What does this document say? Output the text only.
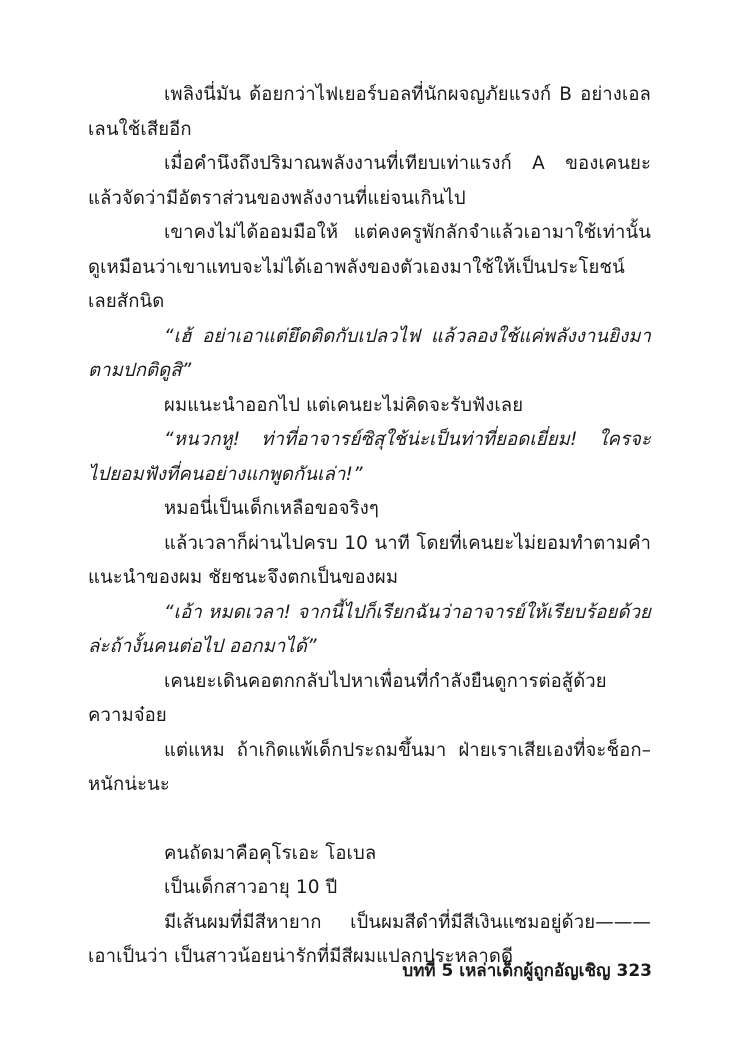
เพลิงนี่มัน ด้อยกว่าไฟเยอร์บอลที่นักผจญภัยแรงก์ B อย่างเอลเลนใช้เสียอีก

เมื่อคำนึงถึงปริมาณพลังงานที่เทียบเท่าแรงก์ A ของเคนยะแล้วจัดว่ามีอัตราส่วนของพลังงานที่แย่จนเกินไป

เขาคงไม่ได้ออมมือให้ แต่คงครูพักลักจำแล้วเอามาใช้เท่านั้นดูเหมือนว่าเขาแทบจะไม่ได้เอาพลังของตัวเองมาใช้ให้เป็นประโยชน์เลยสักนิด

“เฮ้ อย่าเอาแต่ยึดติดกับเปลวไฟ แล้วลองใช้แค่พลังงานยิงมาตามปกติดูสิ”

ผมแนะนำออกไป แต่เคนยะไม่คิดจะรับฟังเลย

“หนวกหู! ท่าที่อาจารย์ซิสุใช้น่ะเป็นท่าที่ยอดเยี่ยม! ใครจะไปยอมฟังที่คนอย่างแกพูดกันเล่า!”

หมอนี่เป็นเด็กเหลือขอจริงๆ

แล้วเวลาก็ผ่านไปครบ 10 นาที โดยที่เคนยะไม่ยอมทำตามคำแนะนำของผม ชัยชนะจึงตกเป็นของผม

“เอ้า หมดเวลา! จากนี้ไปก็เรียกฉันว่าอาจารย์ให้เรียบร้อยด้วยล่ะถ้างั้นคนต่อไป ออกมาได้”

เคนยะเดินคอตกกลับไปหาเพื่อนที่กำลังยืนดูการต่อสู้ด้วยความจ๋อย

แต่แหม ถ้าเกิดแพ้เด็กประถมขึ้นมา ฝ่ายเราเสียเองที่จะช็อก–หนักน่ะนะ

คนถัดมาคือคุโรเอะ โอเบล

เป็นเด็กสาวอายุ 10 ปี

มีเส้นผมที่มีสีหายาก เป็นผมสีดำที่มีสีเงินแซมอยู่ด้วย———เอาเป็นว่า เป็นสาวน้อยน่ารักที่มีสีผมแปลกประหลาดดี

บทที่ 5 เหล่าเด็กผู้ถูกอัญเชิญ 323
